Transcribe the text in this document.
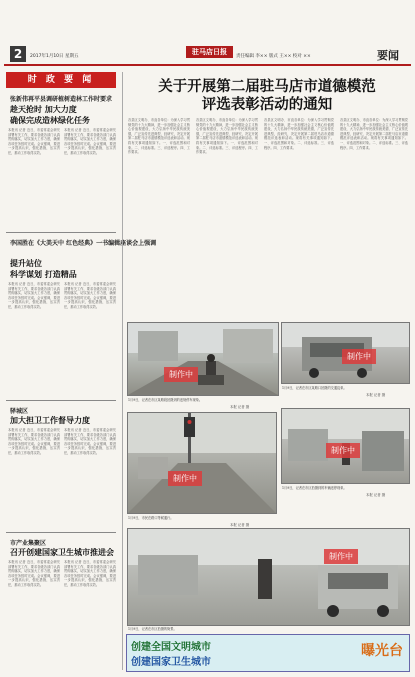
2	2017年1月10日 星期五
驻马店日报
责任编辑 李×× 版式 王×× 校对 ××	要闻
时 政 要 闻
张新伟再平县调研植树造林工作时要求
趁天抢时 加大力度
确保完成造林绿化任务
本报讯 记者 近日，市委常委会研究部署有关工作，要求各级各部门认真贯彻落实，切实加大工作力度，确保各项任务按时完成。会议强调，要进一步提高认识，强化措施，压实责任，推动工作取得实效。
本报讯 记者 近日，市委常委会研究部署有关工作，要求各级各部门认真贯彻落实，切实加大工作力度，确保各项任务按时完成。会议强调，要进一步提高认识，强化措施，压实责任，推动工作取得实效。
李国胜在《大美天中 红色经典》一书编辑座谈会上强调
提升站位
科学谋划 打造精品
本报讯 记者 近日，市委常委会研究部署有关工作，要求各级各部门认真贯彻落实，切实加大工作力度，确保各项任务按时完成。会议强调，要进一步提高认识，强化措施，压实责任，推动工作取得实效。
本报讯 记者 近日，市委常委会研究部署有关工作，要求各级各部门认真贯彻落实，切实加大工作力度，确保各项任务按时完成。会议强调，要进一步提高认识，强化措施，压实责任，推动工作取得实效。
驿城区
加大担卫工作督导力度
本报讯 记者 近日，市委常委会研究部署有关工作，要求各级各部门认真贯彻落实，切实加大工作力度，确保各项任务按时完成。会议强调，要进一步提高认识，强化措施，压实责任，推动工作取得实效。
本报讯 记者 近日，市委常委会研究部署有关工作，要求各级各部门认真贯彻落实，切实加大工作力度，确保各项任务按时完成。会议强调，要进一步提高认识，强化措施，压实责任，推动工作取得实效。
市产业集聚区
召开创建国家卫生城市推进会
本报讯 记者 近日，市委常委会研究部署有关工作，要求各级各部门认真贯彻落实，切实加大工作力度，确保各项任务按时完成。会议强调，要进一步提高认识，强化措施，压实责任，推动工作取得实效。
本报讯 记者 近日，市委常委会研究部署有关工作，要求各级各部门认真贯彻落实，切实加大工作力度，确保各项任务按时完成。会议强调，要进一步提高认识，强化措施，压实责任，推动工作取得实效。
关于开展第二届驻马店市道德模范
评选表彰活动的通知
各县区文明办、市直各单位：为深入学习贯彻党的十九大精神，进一步加强社会主义核心价值观建设，大力弘扬中华民族传统美德，广泛宣传先进典型，经研究，决定开展第二届驻马店市道德模范评选表彰活动。现将有关事项通知如下。一、评选范围和对象。二、评选标准。三、评选程序。四、工作要求。
各县区文明办、市直各单位：为深入学习贯彻党的十九大精神，进一步加强社会主义核心价值观建设，大力弘扬中华民族传统美德，广泛宣传先进典型，经研究，决定开展第二届驻马店市道德模范评选表彰活动。现将有关事项通知如下。一、评选范围和对象。二、评选标准。三、评选程序。四、工作要求。
各县区文明办、市直各单位：为深入学习贯彻党的十九大精神，进一步加强社会主义核心价值观建设，大力弘扬中华民族传统美德，广泛宣传先进典型，经研究，决定开展第二届驻马店市道德模范评选表彰活动。现将有关事项通知如下。一、评选范围和对象。二、评选标准。三、评选程序。四、工作要求。
各县区文明办、市直各单位：为深入学习贯彻党的十九大精神，进一步加强社会主义核心价值观建设，大力弘扬中华民族传统美德，广泛宣传先进典型，经研究，决定开展第二届驻马店市道德模范评选表彰活动。现将有关事项通知如下。一、评选范围和对象。二、评选标准。三、评选程序。四、工作要求。
制作中
1月9日，记者在市区某路段拍摄到的违规停车现象。
本报 记者 摄
制作中
1月9日，记者在市区某路口拍摄的交通乱象。
本报 记者 摄
制作中
制作中
1月9日，记者在市区拍摄到的车辆违停现象。
本报 记者 摄
1月9日，市民在路口等候通行。
本报 记者 摄
制作中
1月9日，记者在市区拍摄的街景。
创建全国文明城市
创建国家卫生城市
曝光台
